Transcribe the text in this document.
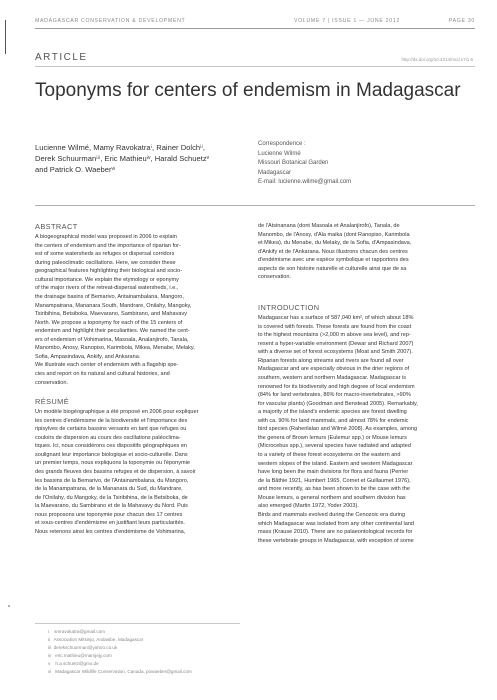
MADAGASCAR CONSERVATION & DEVELOPMENT	VOLUME 7 | ISSUE 1 — JUNE 2012	PAGE 30
ARTICLE	http://dx.doi.org/10.4314/mcd.v7i1.6
Toponyms for centers of endemism in Madagascar
Lucienne Wilmé, Mamy Ravokatraⁱ, Rainer Dolchⁱⁱ,
Derek Schuurmanⁱⁱⁱ, Eric Mathieuⁱᵛ, Harald Schuetzᵛ
and Patrick O. Waeberᵛⁱ
Correspondence :
Lucienne Wilmé
Missouri Botanical Garden
Madagascar
E-mail: lucienne.wilme@gmail.com
ABSTRACT
A biogeographical model was proposed in 2006 to explain
the centers of endemism and the importance of riparian for-
est of some watersheds as refuges or dispersal corridors
during paleoclimatic oscillations. Here, we consider these
geographical features highlighting their biological and socio-
cultural importance. We explain the etymology or eponymy
of the major rivers of the retreat-dispersal watersheds, i.e.,
the drainage basins of Bemarivo, Antainambalana, Mangoro,
Manampatrana, Mananara South, Mandrare, Onilahy, Mangoky,
Tsiribihina, Betsiboka, Maevarano, Sambirano, and Mahavavy
North. We propose a toponymy for each of the 15 centers of
endemism and highlight their peculiarities. We named the cent-
ers of endemism of Vohimarina, Masoala, Analanjirofo, Tanala,
Manombo, Anosy, Ranopiso, Karimbola, Mikea, Menabe, Melaky,
Sofia, Ampasindava, Ankify, and Ankarana.
We illustrate each center of endemism with a flagship spe-
cies and report on its natural and cultural histories, and
conservation.
RÉSUMÉ
Un modèle biogéographique a été proposé en 2006 pour expliquer
les centres d'endémisme de la biodiversité et l'importance des
ripisylves de certains bassins versants en tant que refuges ou
couloirs de dispersion au cours des oscillations paléoclima-
tiques. Ici, nous considérons ces dispositifs géographiques en
soulignant leur importance biologique et socio-culturelle. Dans
un premier temps, nous expliquons la toponymie ou l'éponymie
des grands fleuves des bassins refuges et de dispersion, à savoir
les bassins de la Bemarivo, de l'Antainambalana, du Mangoro,
de la Manampatrana, de la Mananara du Sud, du Mandrare,
de l'Onilahy, du Mangoky, de la Tsiribihina, de la Betsiboka, de
la Maevarano, du Sambirano et de la Mahavavy du Nord. Puis
nous proposons une toponymie pour chacun des 17 centres
et sous-centres d'endémisme en justifiant leurs particularités.
Nous retenons ainsi les centres d'endémisme de Vohimarina,
i    smravokatra@gmail.com
ii   Association Mitsinjo, Andasibe, Madagascar
iii  derekschuurman@yahoo.co.uk
iv   eric.mathieu@marojejy.com
v    h.a.schuetz@gmx.de
vi   Madagascar Wildlife Conservation, Canada, powaeber@gmail.com
de l'Atsinanana (dont Masoala et Analanjirofo), Tanala, de
Manombo, de l'Anosy, d'Ala maika (dont Ranopiso, Karimbola
et Mikea), du Menabe, du Melaky, de la Sofia, d'Ampasindava,
d'Ankify et de l'Ankarana. Nous illustrons chacun des centres
d'endémisme avec une espèce symbolique et rapportons des
aspects de son histoire naturelle et culturelle ainsi que de sa
conservation.
INTRODUCTION
Madagascar has a surface of 587,040 km², of which about 18%
is covered with forests. These forests are found from the coast
to the highest mountains (>2,000 m above sea level), and rep-
resent a hyper-variable environment (Dewar and Richard 2007)
with a diverse set of forest ecosystems (Moat and Smith 2007).
Riparian forests along streams and rivers are found all over
Madagascar and are especially obvious in the drier regions of
southern, western and northern Madagascar. Madagascar is
renowned for its biodiversity and high degree of local endemism
(84% for land vertebrates, 86% for macro-invertebrates, >90%
for vascular plants) (Goodman and Benstead 2005). Remarkably,
a majority of the island's endemic species are forest dwelling
with ca. 90% for land mammals, and almost 78% for endemic
bird species (Raherilalao and Wilmé 2008). As examples, among
the genera of Brown lemurs (Eulemur spp.) or Mouse lemurs
(Microcebus spp.), several species have radiated and adapted
to a variety of these forest ecosystems on the eastern and
western slopes of the island. Eastern and western Madagascar
have long been the main divisions for flora and fauna (Perrier
de la Bâthie 1921, Humbert 1965, Cornet et Guillaumet 1976),
and more recently, as has been shown to be the case with the
Mouse lemurs, a general northern and southern division has
also emerged (Martin 1972, Yoder 2003).
Birds and mammals evolved during the Cenozoic era during
which Madagascar was isolated from any other continental land
mass (Krause 2010). There are no palaeontological records for
these vertebrate groups in Madagascar, with exception of some
